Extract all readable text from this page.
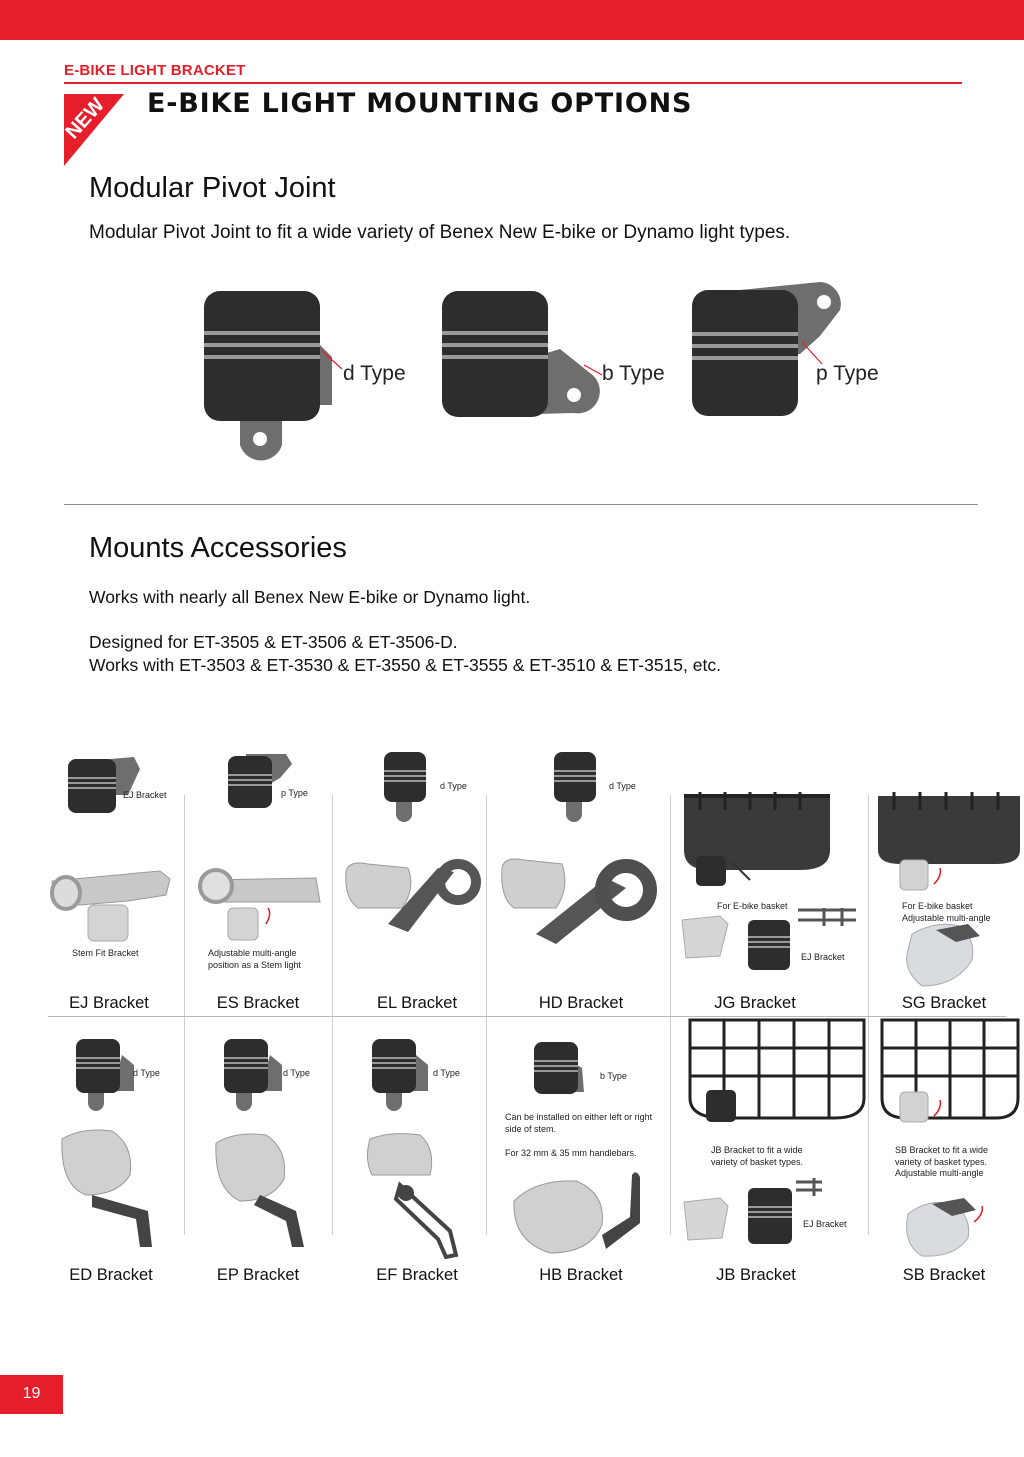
E-BIKE LIGHT BRACKET
NEW E-BIKE LIGHT MOUNTING OPTIONS
Modular Pivot Joint
Modular Pivot Joint to fit a wide variety of Benex New E-bike or Dynamo light types.
d Type	b Type	p Type
Mounts Accessories
Works with nearly all Benex New E-bike or Dynamo light.
Designed for ET-3505 & ET-3506 & ET-3506-D.
Works with ET-3503 & ET-3530 & ET-3550 & ET-3555 & ET-3510 & ET-3515, etc.
EJ Bracket
Stem Fit Bracket
EJ Bracket
p Type
Adjustable multi-angle position as a Stem light
ES Bracket
d Type
EL Bracket
d Type
HD Bracket
For E-bike basket
EJ Bracket
JG Bracket
For E-bike basket Adjustable multi-angle
SG Bracket
d Type
ED Bracket
d Type
EP Bracket
d Type
EF Bracket
b Type
Can be installed on either left or right side of stem.
For 32 mm & 35 mm handlebars.
HB Bracket
JB Bracket to fit a wide variety of basket types.
EJ Bracket
JB Bracket
SB Bracket to fit a wide variety of basket types. Adjustable multi-angle
SB Bracket
19
